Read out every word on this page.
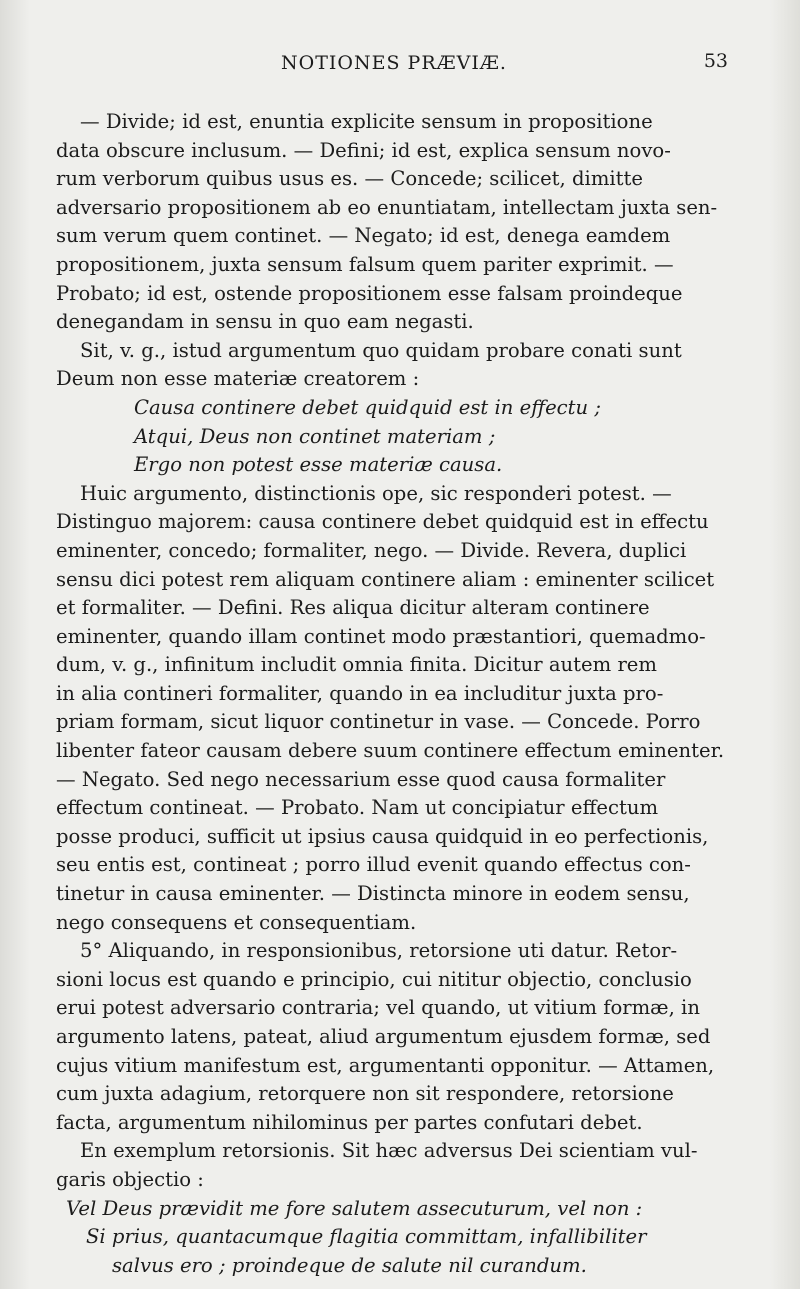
NOTIONES PRÆVIÆ.	53
— Divide; id est, enuntia explicite sensum in propositione
data obscure inclusum. — Defini; id est, explica sensum novo-
rum verborum quibus usus es. — Concede; scilicet, dimitte
adversario propositionem ab eo enuntiatam, intellectam juxta sen-
sum verum quem continet. — Negato; id est, denega eamdem
propositionem, juxta sensum falsum quem pariter exprimit. —
Probato; id est, ostende propositionem esse falsam proindeque
denegandam in sensu in quo eam negasti.
Sit, v. g., istud argumentum quo quidam probare conati sunt
Deum non esse materiæ creatorem :
Causa continere debet quidquid est in effectu ;
Atqui, Deus non continet materiam ;
Ergo non potest esse materiæ causa.
Huic argumento, distinctionis ope, sic responderi potest. —
Distinguo majorem: causa continere debet quidquid est in effectu
eminenter, concedo; formaliter, nego. — Divide. Revera, duplici
sensu dici potest rem aliquam continere aliam : eminenter scilicet
et formaliter. — Defini. Res aliqua dicitur alteram continere
eminenter, quando illam continet modo præstantiori, quemadmo-
dum, v. g., infinitum includit omnia finita. Dicitur autem rem
in alia contineri formaliter, quando in ea includitur juxta pro-
priam formam, sicut liquor continetur in vase. — Concede. Porro
libenter fateor causam debere suum continere effectum eminenter.
— Negato. Sed nego necessarium esse quod causa formaliter
effectum contineat. — Probato. Nam ut concipiatur effectum
posse produci, sufficit ut ipsius causa quidquid in eo perfectionis,
seu entis est, contineat ; porro illud evenit quando effectus con-
tinetur in causa eminenter. — Distincta minore in eodem sensu,
nego consequens et consequentiam.
5° Aliquando, in responsionibus, retorsione uti datur. Retor-
sioni locus est quando e principio, cui nititur objectio, conclusio
erui potest adversario contraria; vel quando, ut vitium formæ, in
argumento latens, pateat, aliud argumentum ejusdem formæ, sed
cujus vitium manifestum est, argumentanti opponitur. — Attamen,
cum juxta adagium, retorquere non sit respondere, retorsione
facta, argumentum nihilominus per partes confutari debet.
En exemplum retorsionis. Sit hæc adversus Dei scientiam vul-
garis objectio :
Vel Deus prævidit me fore salutem assecuturum, vel non :
Si prius, quantacumque flagitia committam, infallibiliter
salvus ero ; proindeque de salute nil curandum.
